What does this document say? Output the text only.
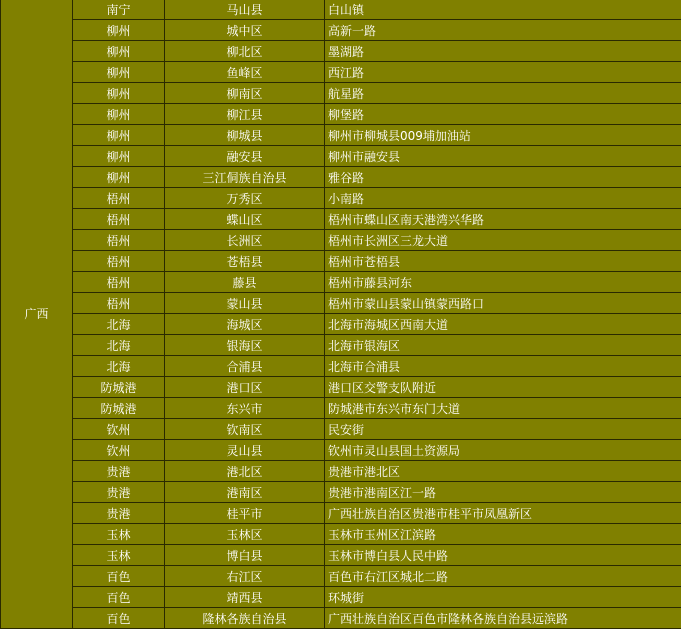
广西	南宁	马山县	白山镇
	柳州	城中区	高新一路
	柳州	柳北区	墨湖路
	柳州	鱼峰区	西江路
	柳州	柳南区	航星路
	柳州	柳江县	柳堡路
	柳州	柳城县	柳州市柳城县009埔加油站
	柳州	融安县	柳州市融安县
	柳州	三江侗族自治县	雅谷路
	梧州	万秀区	小南路
	梧州	蝶山区	梧州市蝶山区南天港湾兴华路
	梧州	长洲区	梧州市长洲区三龙大道
	梧州	苍梧县	梧州市苍梧县
	梧州	藤县	梧州市藤县河东
	梧州	蒙山县	梧州市蒙山县蒙山镇蒙西路口
	北海	海城区	北海市海城区西南大道
	北海	银海区	北海市银海区
	北海	合浦县	北海市合浦县
	防城港	港口区	港口区交警支队附近
	防城港	东兴市	防城港市东兴市东门大道
	钦州	钦南区	民安街
	钦州	灵山县	钦州市灵山县国土资源局
	贵港	港北区	贵港市港北区
	贵港	港南区	贵港市港南区江一路
	贵港	桂平市	广西壮族自治区贵港市桂平市凤凰新区
	玉林	玉林区	玉林市玉州区江滨路
	玉林	博白县	玉林市博白县人民中路
	百色	右江区	百色市右江区城北二路
	百色	靖西县	环城街
	百色	隆林各族自治县	广西壮族自治区百色市隆林各族自治县远滨路
